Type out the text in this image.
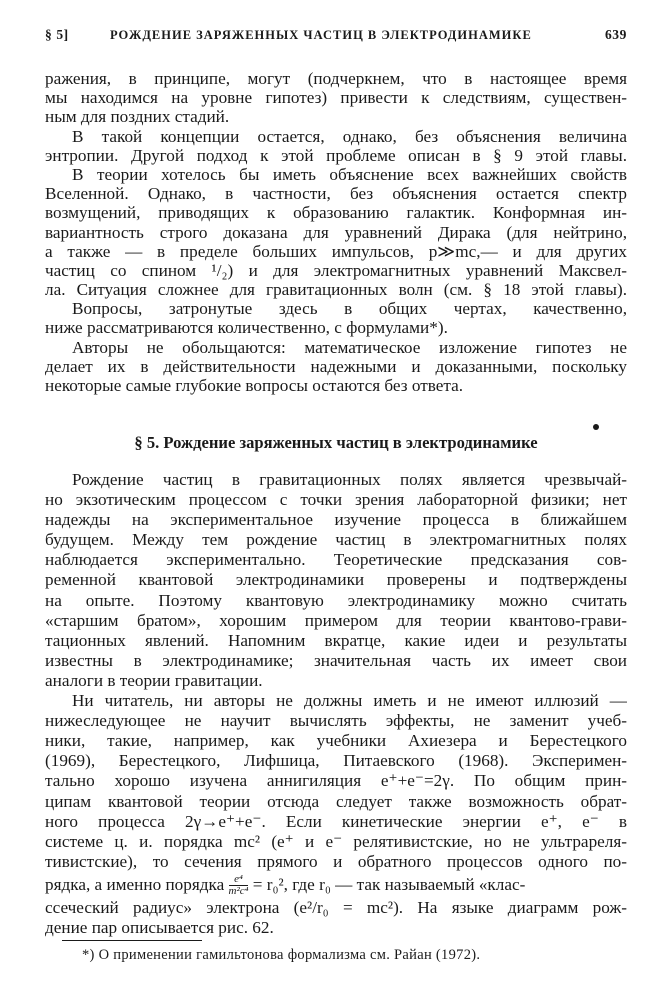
§ 5]	РОЖДЕНИЕ ЗАРЯЖЕННЫХ ЧАСТИЦ В ЭЛЕКТРОДИНАМИКЕ	639
ражения, в принципе, могут (подчеркнем, что в настоящее время
мы находимся на уровне гипотез) привести к следствиям, существен-
ным для поздних стадий.
В такой концепции остается, однако, без объяснения величина
энтропии. Другой подход к этой проблеме описан в § 9 этой главы.
В теории хотелось бы иметь объяснение всех важнейших свойств
Вселенной. Однако, в частности, без объяснения остается спектр
возмущений, приводящих к образованию галактик. Конформная ин-
вариантность строго доказана для уравнений Дирака (для нейтрино,
а также — в пределе больших импульсов, p≫mc,— и для других
частиц со спином ¹/₂) и для электромагнитных уравнений Максвел-
ла. Ситуация сложнее для гравитационных волн (см. § 18 этой главы).
Вопросы, затронутые здесь в общих чертах, качественно,
ниже рассматриваются количественно, с формулами*).
Авторы не обольщаются: математическое изложение гипотез не
делает их в действительности надежными и доказанными, поскольку
некоторые самые глубокие вопросы остаются без ответа.
§ 5. Рождение заряженных частиц в электродинамике
Рождение частиц в гравитационных полях является чрезвычай-
но экзотическим процессом с точки зрения лабораторной физики; нет
надежды на экспериментальное изучение процесса в ближайшем
будущем. Между тем рождение частиц в электромагнитных полях
наблюдается экспериментально. Теоретические предсказания сов-
ременной квантовой электродинамики проверены и подтверждены
на опыте. Поэтому квантовую электродинамику можно считать
«старшим братом», хорошим примером для теории квантово-грави-
тационных явлений. Напомним вкратце, какие идеи и результаты
известны в электродинамике; значительная часть их имеет свои
аналоги в теории гравитации.
Ни читатель, ни авторы не должны иметь и не имеют иллюзий —
нижеследующее не научит вычислять эффекты, не заменит учеб-
ники, такие, например, как учебники Ахиезера и Берестецкого
(1969), Берестецкого, Лифшица, Питаевского (1968). Эксперимен-
тально хорошо изучена аннигиляция e⁺+e⁻=2γ. По общим прин-
ципам квантовой теории отсюда следует также возможность обрат-
ного процесса 2γ→e⁺+e⁻. Если кинетические энергии e⁺, e⁻ в
системе ц. и. порядка mc² (e⁺ и e⁻ релятивистские, но не ультрареля-
тивистские), то сечения прямого и обратного процессов одного по-
рядка, а именно порядка $\frac{\text{e⁴}}{\text{m²c⁴}} = r_0^2$, где r₀ — так называемый «клас-
ссеческий радиус» электрона (e²/r₀ = mc²). На языке диаграмм рож-
дение пар описывается рис. 62.
*) О применении гамильтонова формализма см. Райан (1972).
